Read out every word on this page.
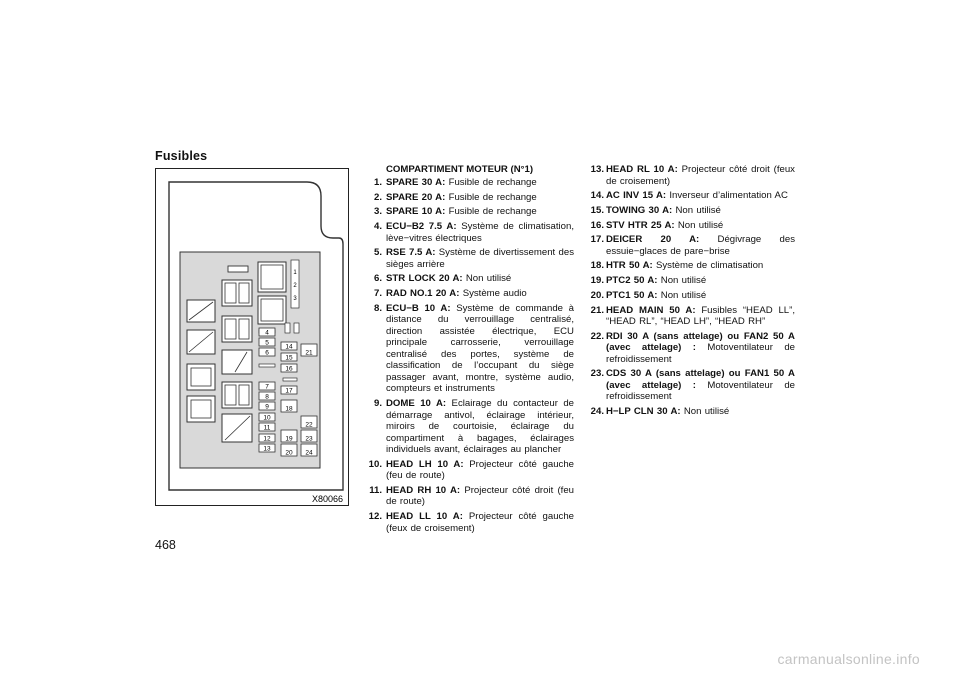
Fusibles
4
5
6
7
8
9
10
11
12
13
14
15
16
17
18
19
20
21
22
23
24
1
2
3
X80066
COMPARTIMENT MOTEUR (N°1)
1. SPARE 30 A: Fusible de rechange
2. SPARE 20 A: Fusible de rechange
3. SPARE 10 A: Fusible de rechange
4. ECU−B2 7.5 A: Système de climatisation, lève−vitres électriques
5. RSE 7.5 A: Système de divertissement des sièges arrière
6. STR LOCK 20 A: Non utilisé
7. RAD NO.1 20 A: Système audio
8. ECU−B 10 A: Système de commande à distance du verrouillage centralisé, direction assistée électrique, ECU principale carrosserie, verrouillage centralisé des portes, système de classification de l’occupant du siège passager avant, montre, système audio, compteurs et instruments
9. DOME 10 A: Eclairage du contacteur de démarrage antivol, éclairage intérieur, miroirs de courtoisie, éclairage du compartiment à bagages, éclairages individuels avant, éclairages au plancher
10. HEAD LH 10 A: Projecteur côté gauche (feu de route)
11. HEAD RH 10 A: Projecteur côté droit (feu de route)
12. HEAD LL 10 A: Projecteur côté gauche (feux de croisement)
13. HEAD RL 10 A: Projecteur côté droit (feux de croisement)
14. AC INV 15 A: Inverseur d’alimentation AC
15. TOWING 30 A: Non utilisé
16. STV HTR 25 A: Non utilisé
17. DEICER 20 A: Dégivrage des essuie−glaces de pare−brise
18. HTR 50 A: Système de climatisation
19. PTC2 50 A: Non utilisé
20. PTC1 50 A: Non utilisé
21. HEAD MAIN 50 A: Fusibles “HEAD LL”, “HEAD RL”, “HEAD LH”, “HEAD RH”
22. RDI 30 A (sans attelage) ou FAN2 50 A (avec attelage) : Motoventilateur de refroidissement
23. CDS 30 A (sans attelage) ou FAN1 50 A (avec attelage) : Motoventilateur de refroidissement
24. H−LP CLN 30 A: Non utilisé
468
carmanualsonline.info
